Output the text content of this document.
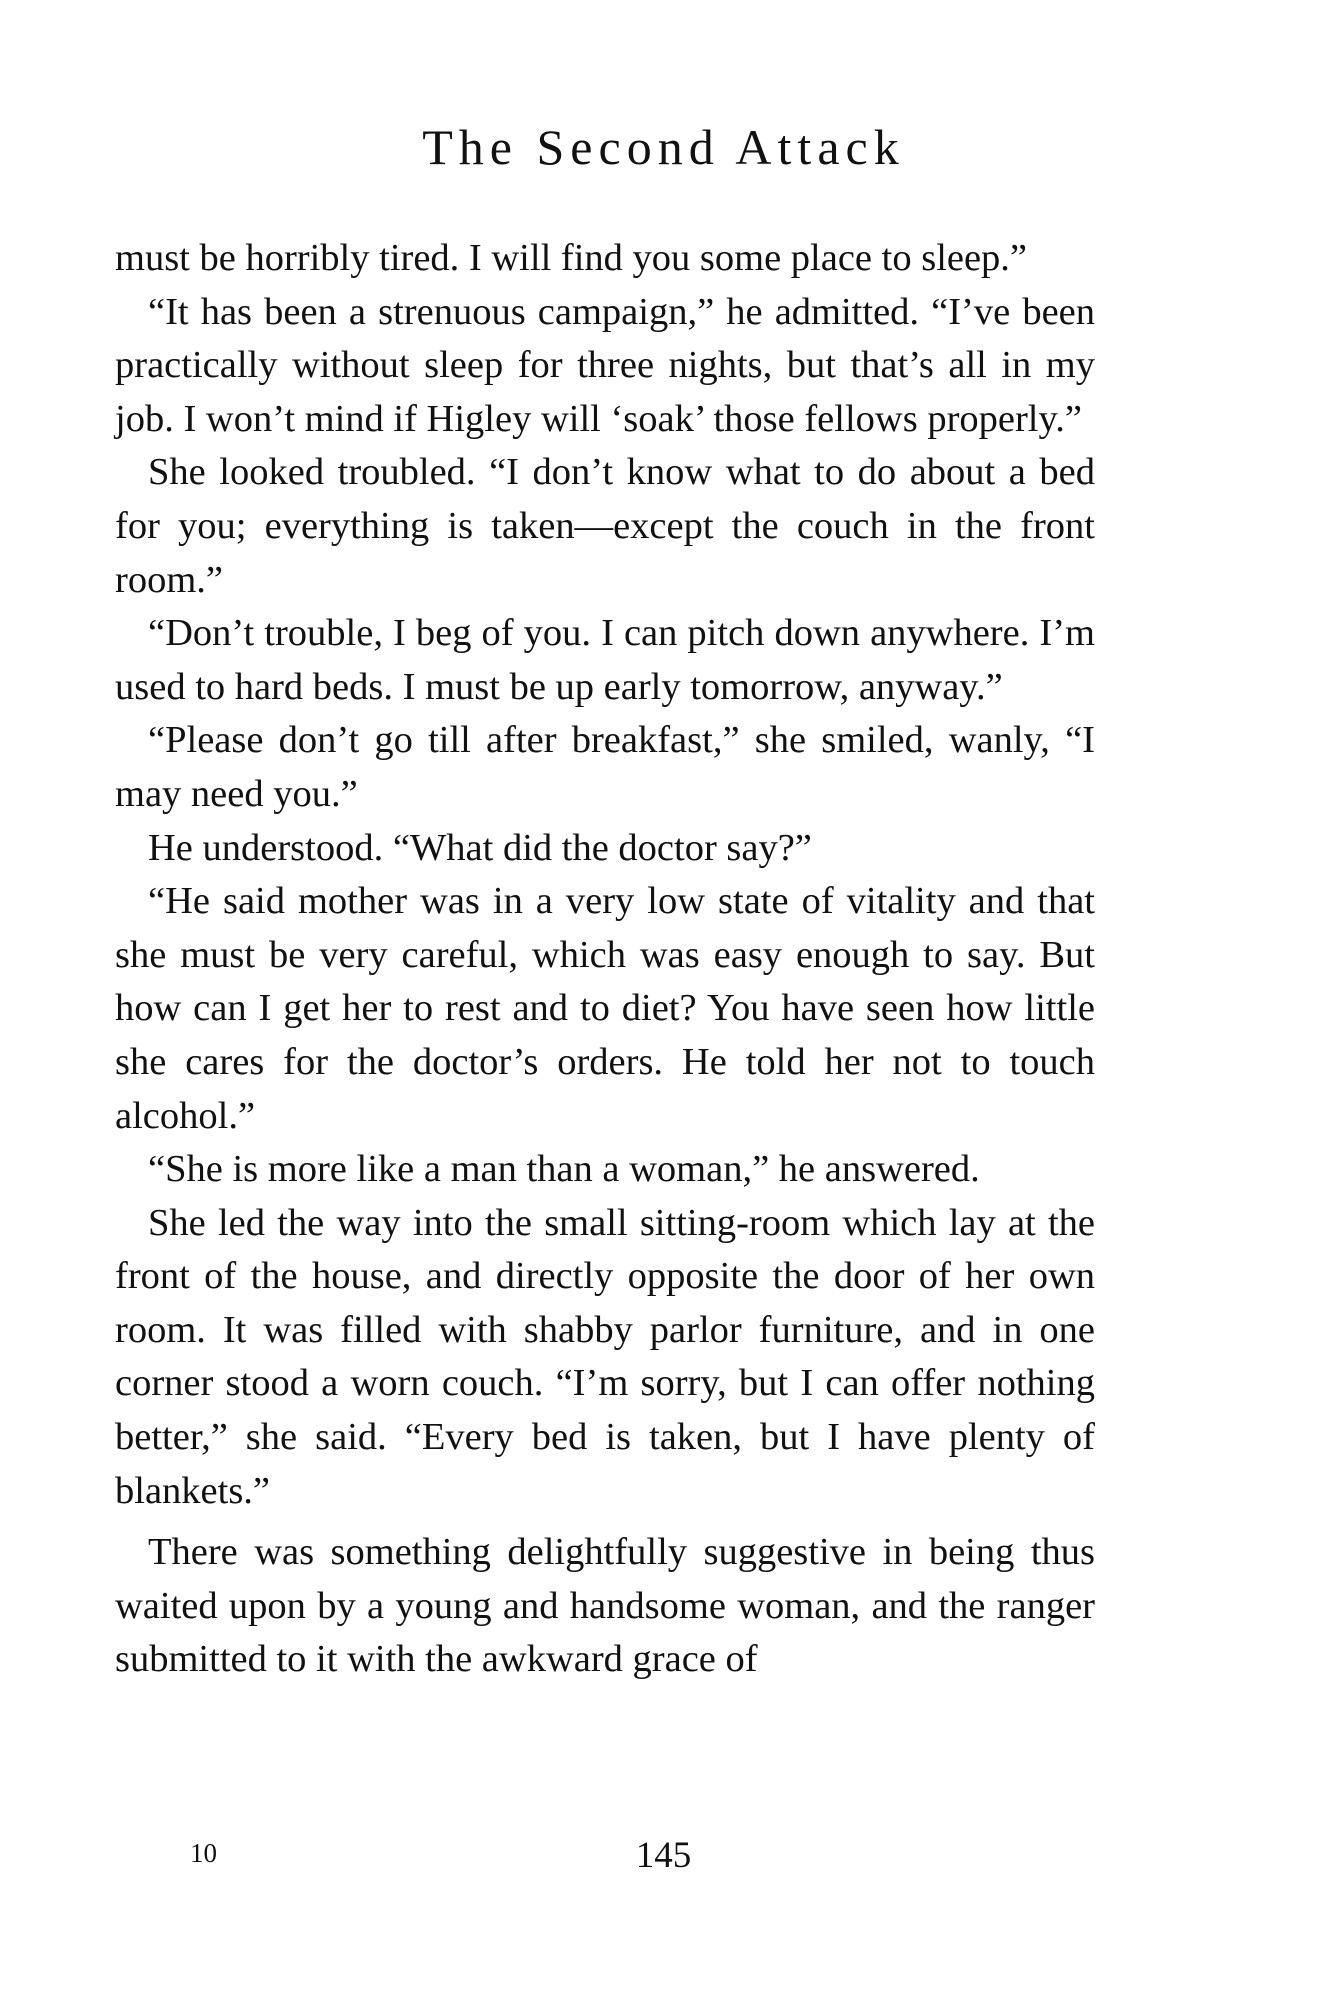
The Second Attack

must be horribly tired. I will find you some place to sleep.”

“It has been a strenuous campaign,” he admitted. “I’ve been practically without sleep for three nights, but that’s all in my job. I won’t mind if Higley will ‘soak’ those fellows properly.”

She looked troubled. “I don’t know what to do about a bed for you; everything is taken—except the couch in the front room.”

“Don’t trouble, I beg of you. I can pitch down anywhere. I’m used to hard beds. I must be up early tomorrow, anyway.”

“Please don’t go till after breakfast,” she smiled, wanly, “I may need you.”

He understood. “What did the doctor say?”

“He said mother was in a very low state of vitality and that she must be very careful, which was easy enough to say. But how can I get her to rest and to diet? You have seen how little she cares for the doctor’s orders. He told her not to touch alcohol.”

“She is more like a man than a woman,” he answered.

She led the way into the small sitting-room which lay at the front of the house, and directly opposite the door of her own room. It was filled with shabby parlor furniture, and in one corner stood a worn couch. “I’m sorry, but I can offer nothing better,” she said. “Every bed is taken, but I have plenty of blankets.”

There was something delightfully suggestive in being thus waited upon by a young and handsome woman, and the ranger submitted to it with the awkward grace of

10	145
